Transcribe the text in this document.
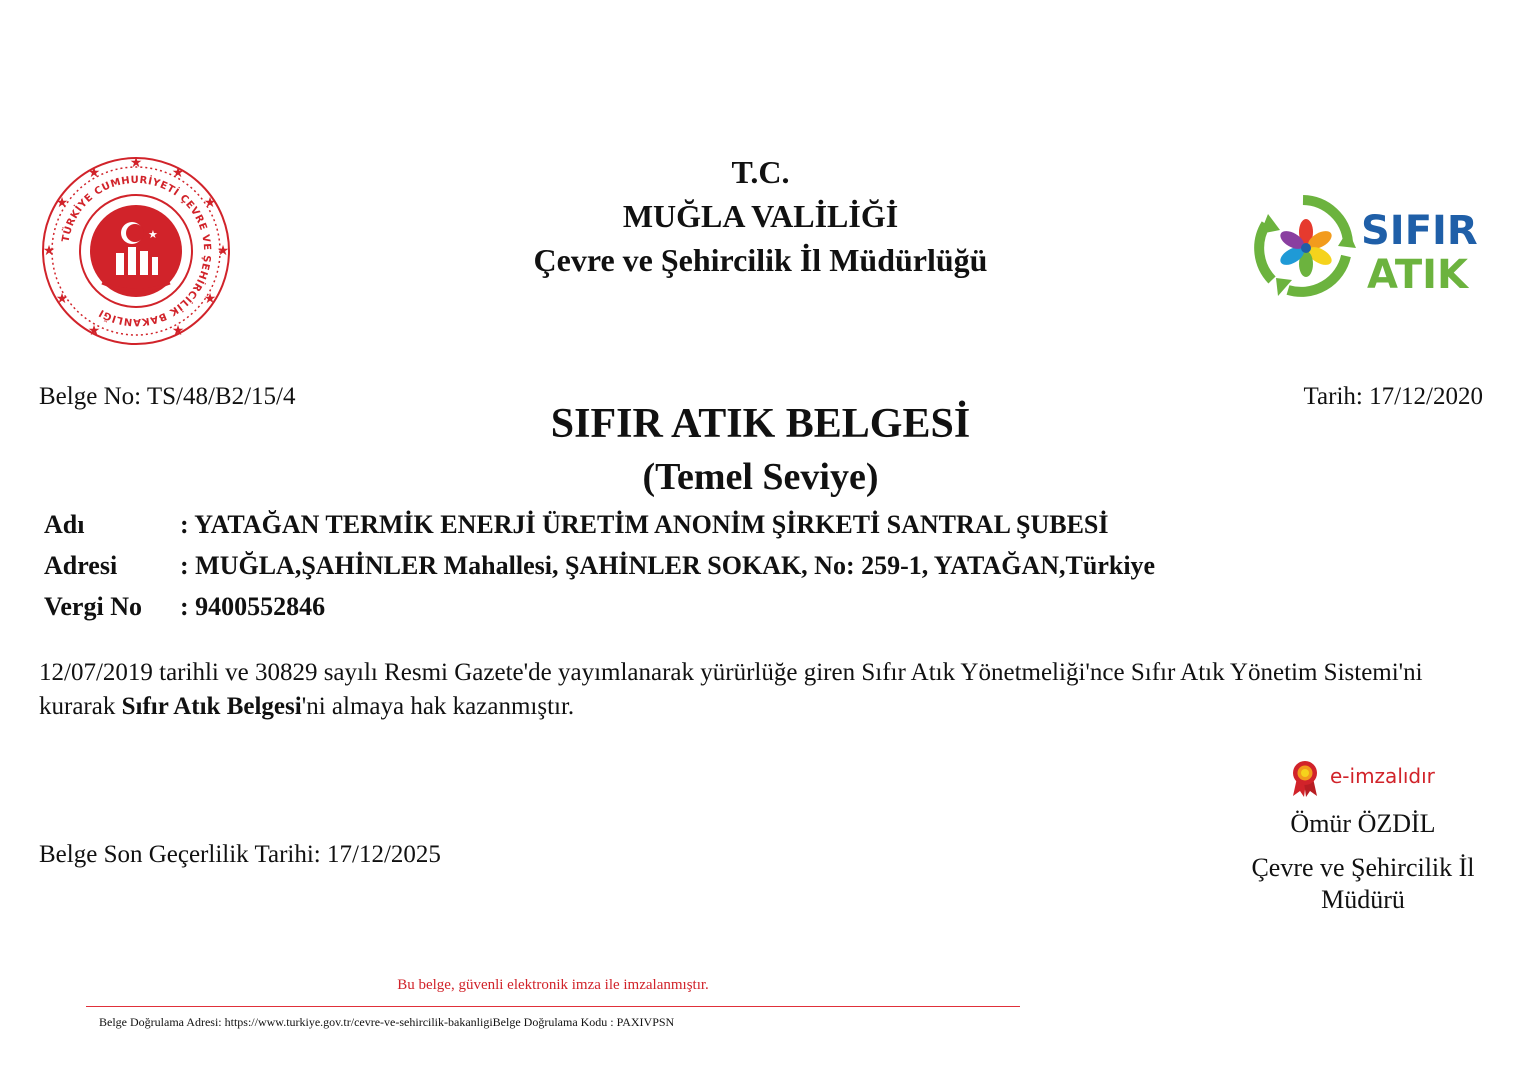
★
★
★
★
★
★
★
★
★
★
★
TÜRKİYE CUMHURİYETİ ÇEVRE VE ŞEHİRCİLİK BAKANLIĞI
★
T.C.
MUĞLA VALİLİĞİ
Çevre ve Şehircilik İl Müdürlüğü
SIFIR
ATIK
Belge No: TS/48/B2/15/4	Tarih: 17/12/2020
SIFIR ATIK BELGESİ
(Temel Seviye)
Adı	: YATAĞAN TERMİK ENERJİ ÜRETİM ANONİM ŞİRKETİ SANTRAL ŞUBESİ
Adresi : MUĞLA,ŞAHİNLER Mahallesi, ŞAHİNLER SOKAK, No: 259-1, YATAĞAN,Türkiye
Vergi No : 9400552846
12/07/2019 tarihli ve 30829 sayılı Resmi Gazete'de yayımlanarak yürürlüğe giren Sıfır Atık Yönetmeliği'nce Sıfır Atık Yönetim Sistemi'ni kurarak Sıfır Atık Belgesi'ni almaya hak kazanmıştır.
e-imzalıdır
Ömür ÖZDİL
Çevre ve Şehircilik İl Müdürü
Belge Son Geçerlilik Tarihi: 17/12/2025
Bu belge, güvenli elektronik imza ile imzalanmıştır.
Belge Doğrulama Adresi: https://www.turkiye.gov.tr/cevre-ve-sehircilik-bakanligiBelge Doğrulama Kodu : PAXIVPSN
